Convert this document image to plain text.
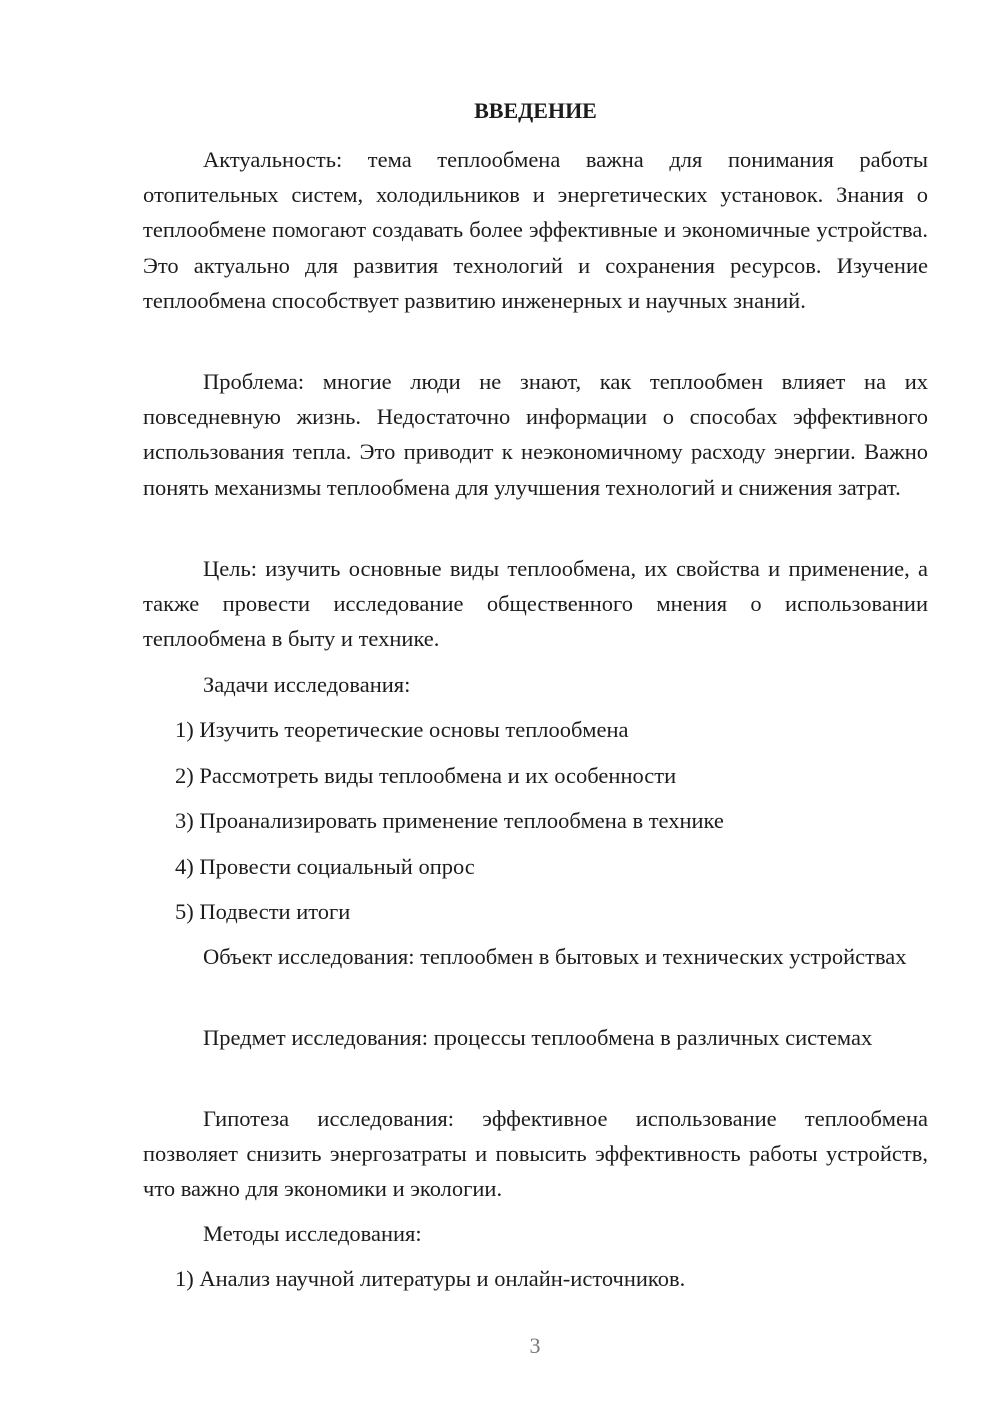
ВВЕДЕНИЕ

Актуальность: тема теплообмена важна для понимания работы отопительных систем, холодильников и энергетических установок. Знания о теплообмене помогают создавать более эффективные и экономичные устройства. Это актуально для развития технологий и сохранения ресурсов. Изучение теплообмена способствует развитию инженерных и научных знаний.

Проблема: многие люди не знают, как теплообмен влияет на их повседневную жизнь. Недостаточно информации о способах эффективного использования тепла. Это приводит к неэкономичному расходу энергии. Важно понять механизмы теплообмена для улучшения технологий и снижения затрат.

Цель: изучить основные виды теплообмена, их свойства и применение, а также провести исследование общественного мнения о использовании теплообмена в быту и технике.

Задачи исследования:

1) Изучить теоретические основы теплообмена

2) Рассмотреть виды теплообмена и их особенности

3) Проанализировать применение теплообмена в технике

4) Провести социальный опрос

5) Подвести итоги

Объект исследования: теплообмен в бытовых и технических устройствах

Предмет исследования: процессы теплообмена в различных системах

Гипотеза исследования: эффективное использование теплообмена позволяет снизить энергозатраты и повысить эффективность работы устройств, что важно для экономики и экологии.

Методы исследования:

1) Анализ научной литературы и онлайн-источников.

3
